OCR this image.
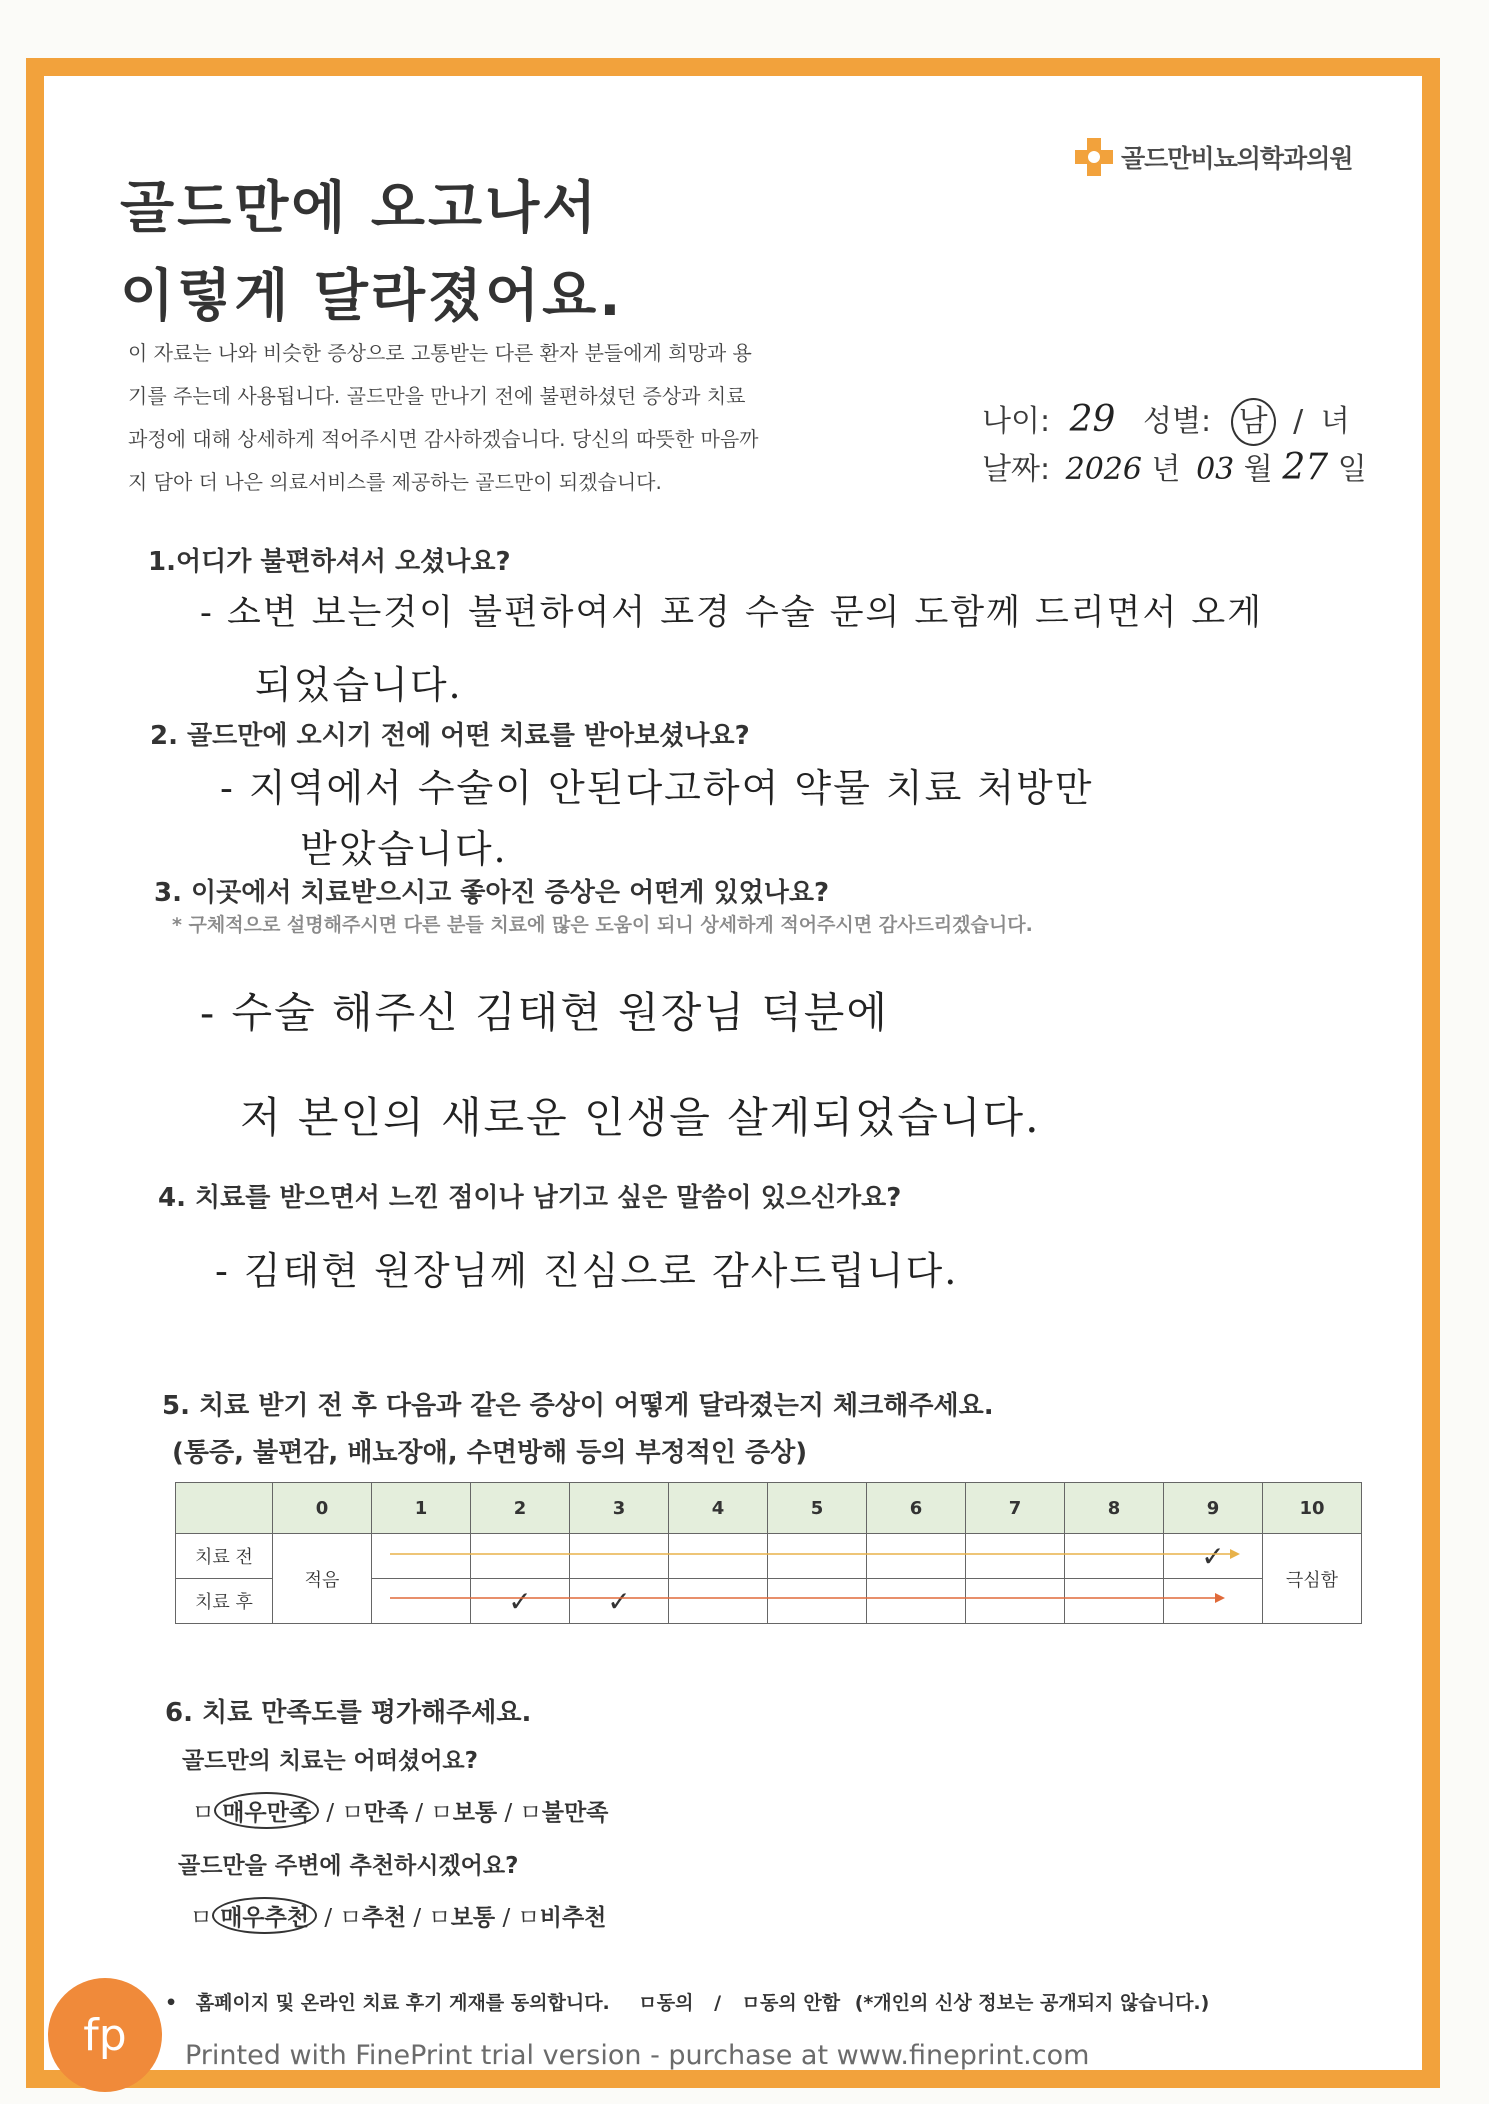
골드만비뇨의학과의원
골드만에 오고나서
이렇게 달라졌어요.
이 자료는 나와 비슷한 증상으로 고통받는 다른 환자 분들에게 희망과 용
기를 주는데 사용됩니다. 골드만을 만나기 전에 불편하셨던 증상과 치료
과정에 대해 상세하게 적어주시면 감사하겠습니다. 당신의 따뜻한 마음까
지 담아 더 나은 의료서비스를 제공하는 골드만이 되겠습니다.
나이: 29 성별: 남 / 녀
날짜: 2026 년 03 월 27 일
1.어디가 불편하셔서 오셨나요?
- 소변 보는것이 불편하여서 포경 수술 문의 도함께 드리면서 오게
되었습니다.
2. 골드만에 오시기 전에 어떤 치료를 받아보셨나요?
- 지역에서 수술이 안된다고하여 약물 치료 처방만
받았습니다.
3. 이곳에서 치료받으시고 좋아진 증상은 어떤게 있었나요?
* 구체적으로 설명해주시면 다른 분들 치료에 많은 도움이 되니 상세하게 적어주시면 감사드리겠습니다.
- 수술 해주신 김태현 원장님 덕분에
저 본인의 새로운 인생을 살게되었습니다.
4. 치료를 받으면서 느낀 점이나 남기고 싶은 말씀이 있으신가요?
- 김태현 원장님께 진심으로 감사드립니다.
5. 치료 받기 전 후 다음과 같은 증상이 어떻게 달라졌는지 체크해주세요.
(통증, 불편감, 배뇨장애, 수면방해 등의 부정적인 증상)
	0	1	2	3	4	5	6	7	8	9	10
치료 전	적음									✓	극심함
치료 후			✓	✓							
6. 치료 만족도를 평가해주세요.
골드만의 치료는 어떠셨어요?
ㅁ 매우만족 / ㅁ만족 / ㅁ보통 / ㅁ불만족
골드만을 주변에 추천하시겠어요?
ㅁ 매우추천 / ㅁ추천 / ㅁ보통 / ㅁ비추천
• 홈페이지 및 온라인 치료 후기 게재를 동의합니다. ㅁ동의 / ㅁ동의 안함 (*개인의 신상 정보는 공개되지 않습니다.)
fp	Printed with FinePrint trial version - purchase at www.fineprint.com
